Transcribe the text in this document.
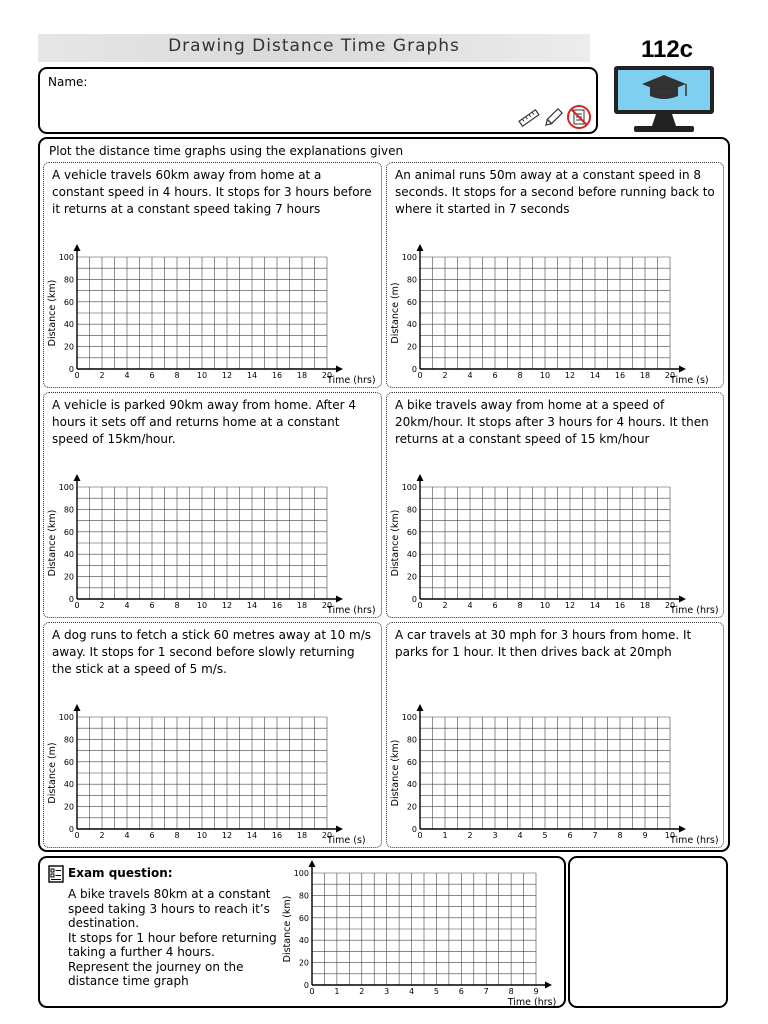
Drawing Distance Time Graphs	112c
Name:
Plot the distance time graphs using the explanations given
A vehicle travels 60km away from home at a constant speed in 4 hours. It stops for 3 hours before it returns at a constant speed taking 7 hours
0 2 4 6 8 10 12 14 16 18 20
0
20
40
60
80
100
Time (hrs)
Distance (km)
An animal runs 50m away at a constant speed in 8 seconds. It stops for a second before running back to where it started in 7 seconds
0 2 4 6 8 10 12 14 16 18 20
0
20
40
60
80
100
Time (s)
Distance (m)
A vehicle is parked 90km away from home. After 4 hours it sets off and returns home at a constant speed of 15km/hour.
0 2 4 6 8 10 12 14 16 18 20
0
20
40
60
80
100
Time (hrs)
Distance (km)
A bike travels away from home at a speed of 20km/hour. It stops after 3 hours for 4 hours. It then returns at a constant speed of 15 km/hour
0 2 4 6 8 10 12 14 16 18 20
0
20
40
60
80
100
Time (hrs)
Distance (km)
A dog runs to fetch a stick 60 metres away at 10 m/s away. It stops for 1 second before slowly returning the stick at a speed of 5 m/s.
0 2 4 6 8 10 12 14 16 18 20
0
20
40
60
80
100
Time (s)
Distance (m)
A car travels at 30 mph for 3 hours from home. It parks for 1 hour. It then drives back at 20mph
0 1 2 3 4 5 6 7 8 9 10
0
20
40
60
80
100
Time (hrs)
Distance (km)
Exam question:
A bike travels 80km at a constant
speed taking 3 hours to reach it’s
destination.
It stops for 1 hour before returning
taking a further 4 hours.
Represent the journey on the
distance time graph
0 1 2 3 4 5 6 7 8 9
0
20
40
60
80
100
Time (hrs)
Distance (km)
